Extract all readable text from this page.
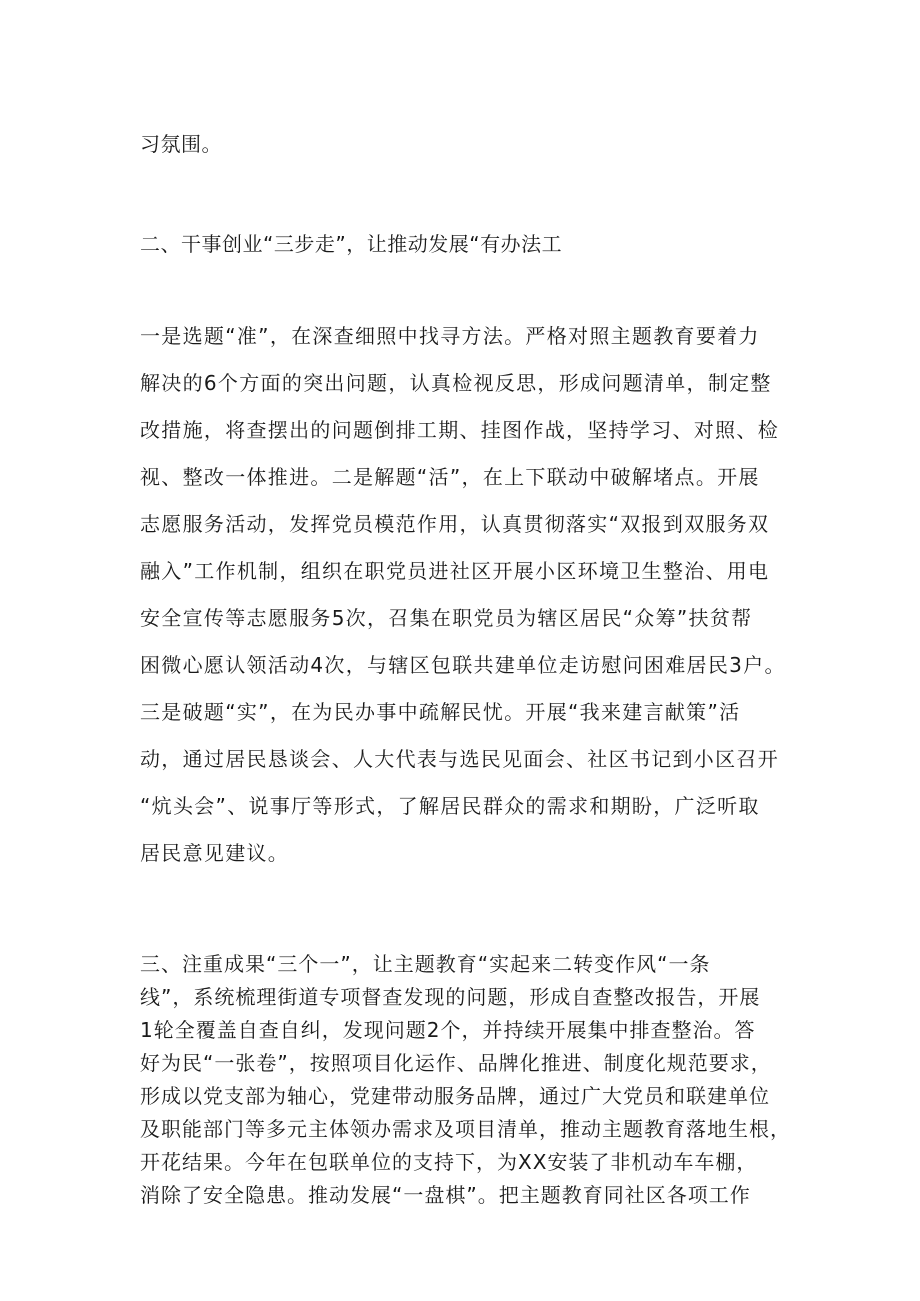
习氛围。
二、干事创业“三步走”，让推动发展“有办法工
一是选题“准”，在深查细照中找寻方法。严格对照主题教育要着力
解决的6个方面的突出问题，认真检视反思，形成问题清单，制定整
改措施，将查摆出的问题倒排工期、挂图作战，坚持学习、对照、检
视、整改一体推进。二是解题“活”，在上下联动中破解堵点。开展
志愿服务活动，发挥党员模范作用，认真贯彻落实“双报到双服务双
融入”工作机制，组织在职党员进社区开展小区环境卫生整治、用电
安全宣传等志愿服务5次，召集在职党员为辖区居民“众筹”扶贫帮
困微心愿认领活动4次，与辖区包联共建单位走访慰问困难居民3户。
三是破题“实”，在为民办事中疏解民忧。开展“我来建言献策”活
动，通过居民恳谈会、人大代表与选民见面会、社区书记到小区召开
“炕头会”、说事厅等形式，了解居民群众的需求和期盼，广泛听取
居民意见建议。
三、注重成果“三个一”，让主题教育“实起来二转变作风“一条
线”，系统梳理街道专项督查发现的问题，形成自查整改报告，开展
1轮全覆盖自查自纠，发现问题2个，并持续开展集中排查整治。答
好为民“一张卷”，按照项目化运作、品牌化推进、制度化规范要求，
形成以党支部为轴心，党建带动服务品牌，通过广大党员和联建单位
及职能部门等多元主体领办需求及项目清单，推动主题教育落地生根，
开花结果。今年在包联单位的支持下，为XX安装了非机动车车棚，
消除了安全隐患。推动发展“一盘棋”。把主题教育同社区各项工作
